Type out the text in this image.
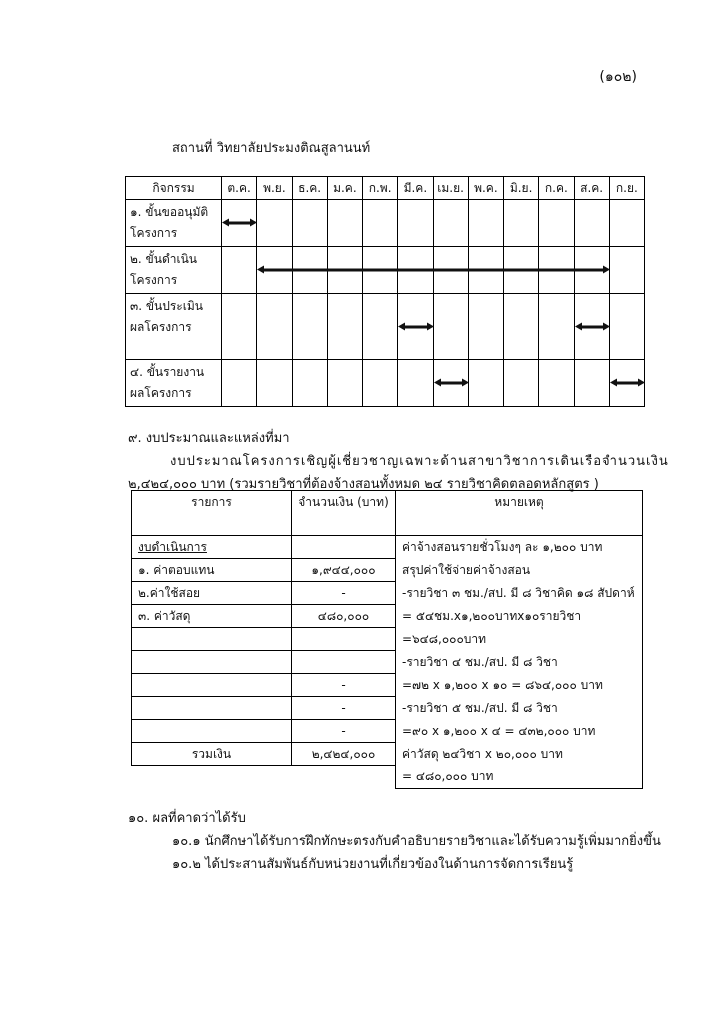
(๑๐๒)
สถานที่ วิทยาลัยประมงติณสูลานนท์
กิจกรรม	ต.ค.	พ.ย.	ธ.ค.	ม.ค.	ก.พ.	มี.ค.	เม.ย.	พ.ค.	มิ.ย.	ก.ค.	ส.ค.	ก.ย.
๑. ขั้นขออนุมัติโครงการ	

๒. ขั้นดำเนินโครงการ		

๓. ขั้นประเมินผลโครงการ						

๔. ขั้นรายงานผลโครงการ							

๙. งบประมาณและแหล่งที่มา
งบประมาณโครงการเชิญผู้เชี่ยวชาญเฉพาะด้านสาขาวิชาการเดินเรือจำนวนเงิน
๒,๔๒๔,๐๐๐ บาท (รวมรายวิชาที่ต้องจ้างสอนทั้งหมด ๒๔ รายวิชาคิดตลอดหลักสูตร )
รายการ	จำนวนเงิน (บาท)	หมายเหตุ
งบดำเนินการ		ค่าจ้างสอนรายชั่วโมงๆ ละ ๑,๒๐๐ บาท
๑. ค่าตอบแทน	๑,๙๔๔,๐๐๐	สรุปค่าใช้จ่ายค่าจ้างสอน
๒.ค่าใช้สอย	-	-รายวิชา ๓ ชม./สป. มี ๘ วิชาคิด ๑๘ สัปดาห์
๓. ค่าวัสดุ	๔๘๐,๐๐๐	= ๕๔ชม.x๑,๒๐๐บาทx๑๐รายวิชา
		=๖๔๘,๐๐๐บาท
		-รายวิชา ๔ ชม./สป. มี ๘ วิชา
	-	=๗๒ x ๑,๒๐๐ x ๑๐ = ๘๖๔,๐๐๐ บาท
	-	-รายวิชา ๕ ชม./สป. มี ๘ วิชา
	-	=๙๐ x ๑,๒๐๐ x ๔ = ๔๓๒,๐๐๐ บาท
รวมเงิน	๒,๔๒๔,๐๐๐	ค่าวัสดุ ๒๔วิชา x ๒๐,๐๐๐ บาท
		= ๔๘๐,๐๐๐ บาท
๑๐. ผลที่คาดว่าได้รับ
๑๐.๑ นักศึกษาได้รับการฝึกทักษะตรงกับคำอธิบายรายวิชาและได้รับความรู้เพิ่มมากยิ่งขึ้น
๑๐.๒ ได้ประสานสัมพันธ์กับหน่วยงานที่เกี่ยวข้องในด้านการจัดการเรียนรู้
